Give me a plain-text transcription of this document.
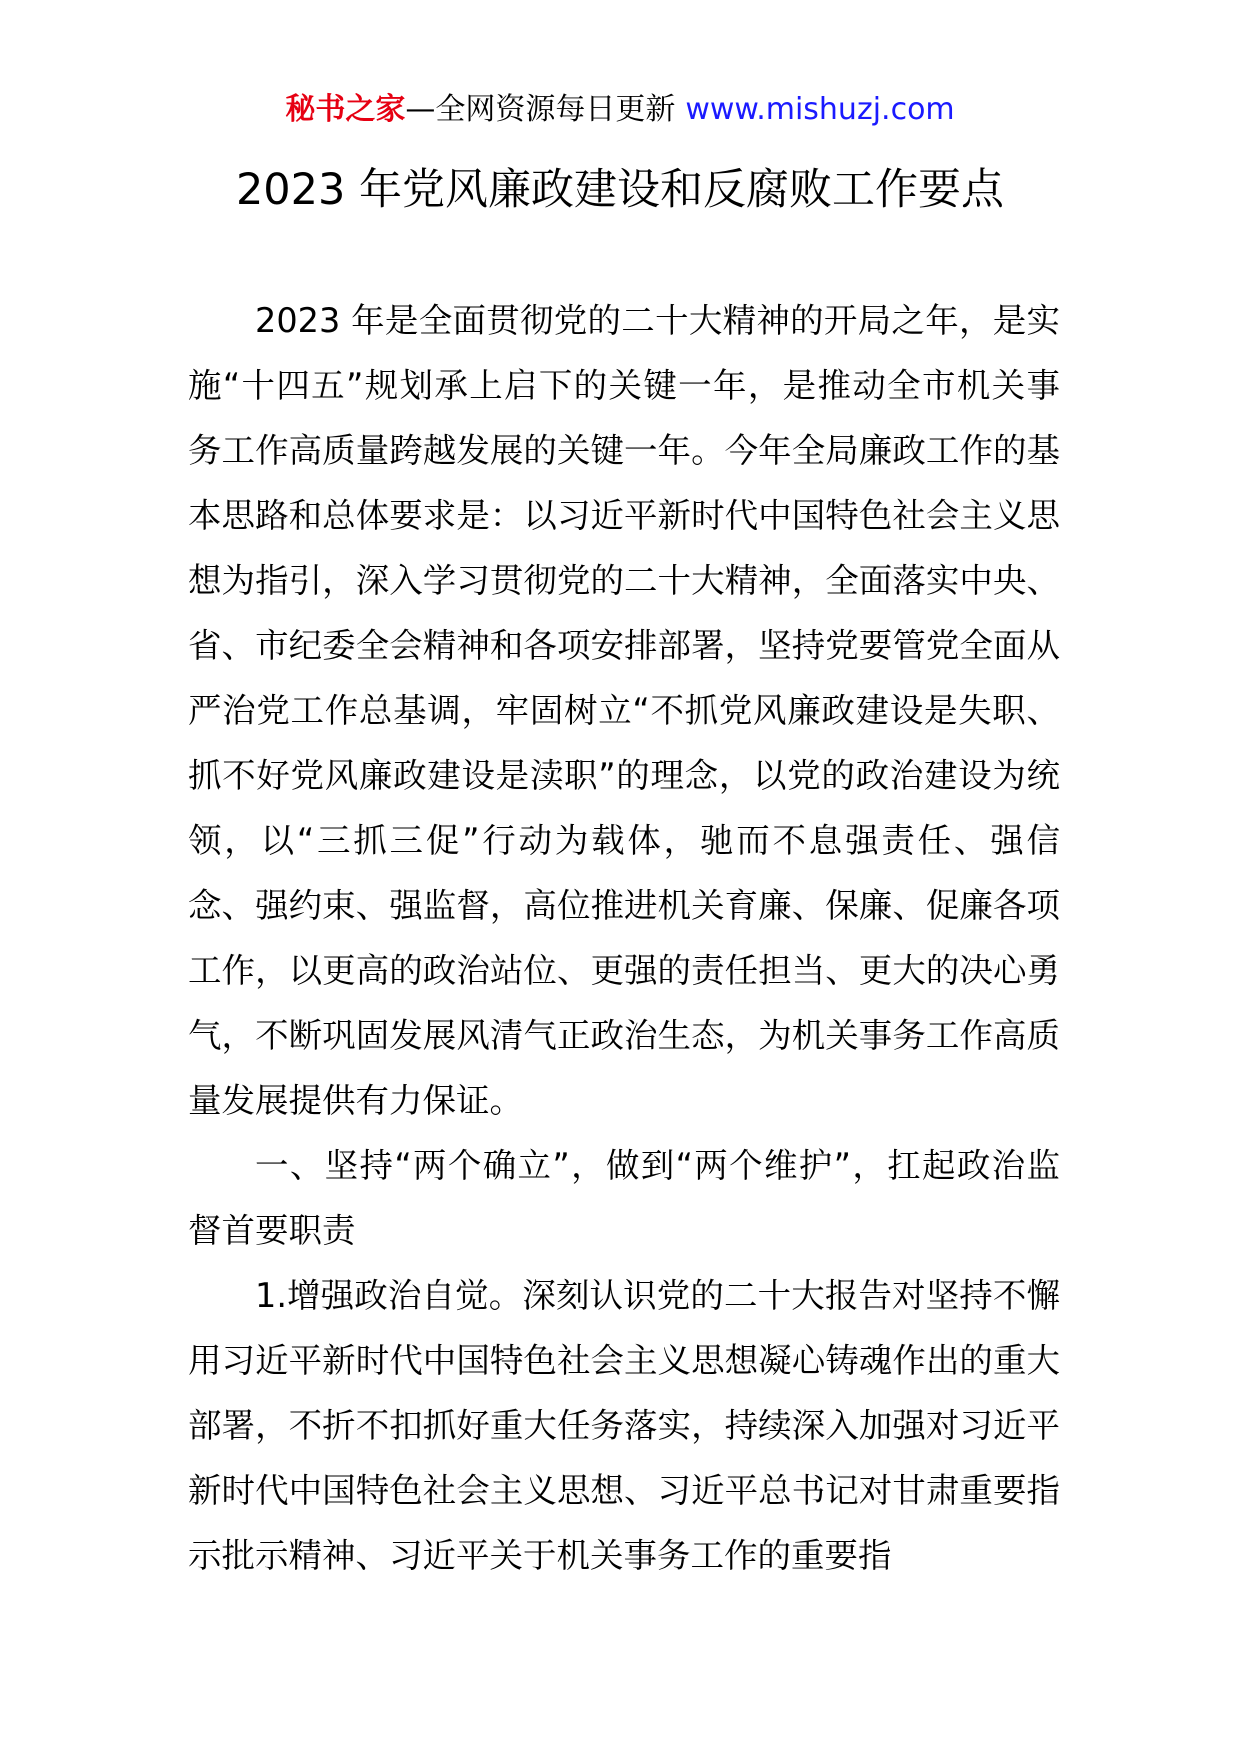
秘书之家—全网资源每日更新 www.mishuzj.com
2023 年党风廉政建设和反腐败工作要点

2023 年是全面贯彻党的二十大精神的开局之年，是实施“十四五”规划承上启下的关键一年，是推动全市机关事务工作高质量跨越发展的关键一年。今年全局廉政工作的基本思路和总体要求是：以习近平新时代中国特色社会主义思想为指引，深入学习贯彻党的二十大精神，全面落实中央、省、市纪委全会精神和各项安排部署，坚持党要管党全面从严治党工作总基调，牢固树立“不抓党风廉政建设是失职、抓不好党风廉政建设是渎职”的理念，以党的政治建设为统领，以“三抓三促”行动为载体，驰而不息强责任、强信念、强约束、强监督，高位推进机关育廉、保廉、促廉各项工作，以更高的政治站位、更强的责任担当、更大的决心勇气，不断巩固发展风清气正政治生态，为机关事务工作高质量发展提供有力保证。

一、坚持“两个确立”，做到“两个维护”，扛起政治监督首要职责

1.增强政治自觉。深刻认识党的二十大报告对坚持不懈用习近平新时代中国特色社会主义思想凝心铸魂作出的重大部署，不折不扣抓好重大任务落实，持续深入加强对习近平新时代中国特色社会主义思想、习近平总书记对甘肃重要指示批示精神、习近平关于机关事务工作的重要指
